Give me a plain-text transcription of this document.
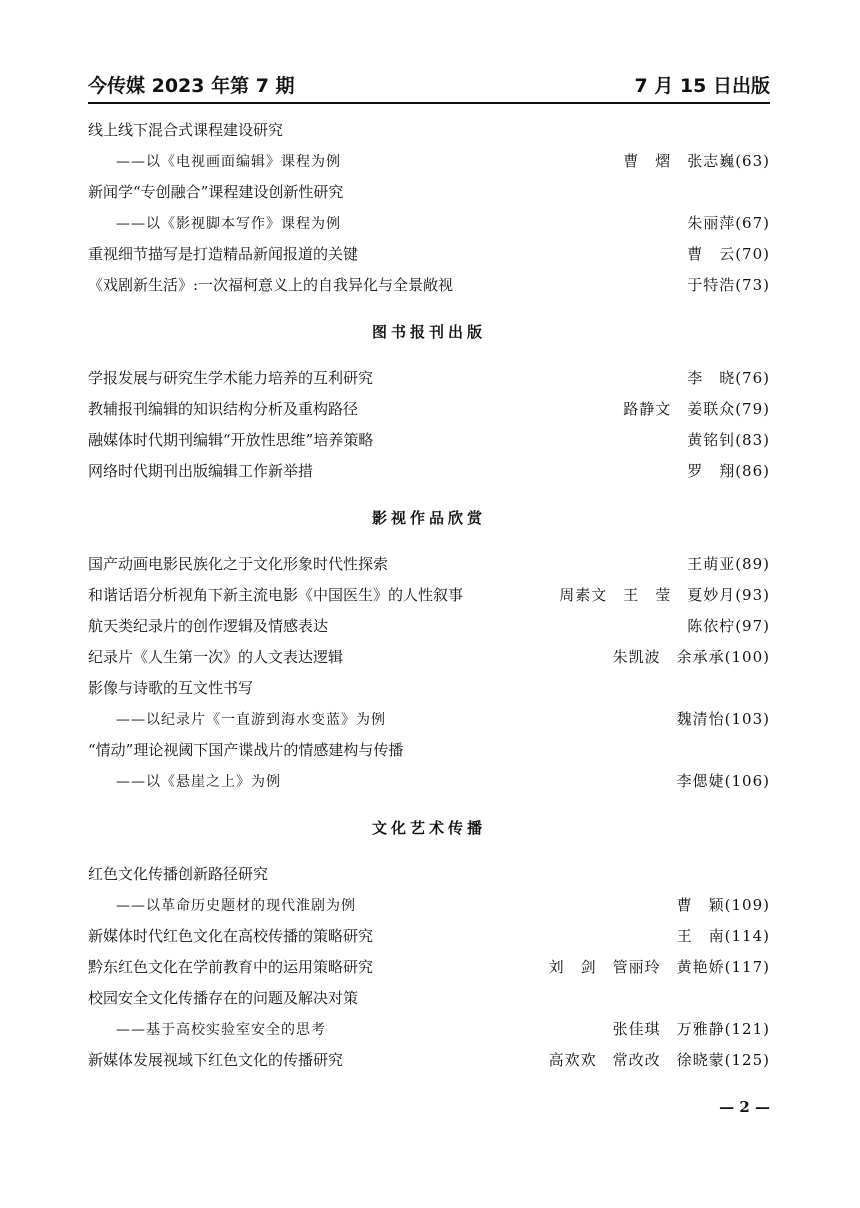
今传媒 2023 年第 7 期	7 月 15 日出版
线上线下混合式课程建设研究
——以《电视画面编辑》课程为例	曹　熠　张志巍(63)
新闻学“专创融合”课程建设创新性研究
——以《影视脚本写作》课程为例	朱丽萍(67)
重视细节描写是打造精品新闻报道的关键	曹　云(70)
《戏剧新生活》:一次福柯意义上的自我异化与全景敞视	于特浩(73)
图书报刊出版
学报发展与研究生学术能力培养的互利研究	李　晓(76)
教辅报刊编辑的知识结构分析及重构路径	路静文　姜联众(79)
融媒体时代期刊编辑“开放性思维”培养策略	黄铭钊(83)
网络时代期刊出版编辑工作新举措	罗　翔(86)
影视作品欣赏
国产动画电影民族化之于文化形象时代性探索	王萌亚(89)
和谐话语分析视角下新主流电影《中国医生》的人性叙事	周素文　王　莹　夏妙月(93)
航天类纪录片的创作逻辑及情感表达	陈依柠(97)
纪录片《人生第一次》的人文表达逻辑	朱凯波　余承承(100)
影像与诗歌的互文性书写
——以纪录片《一直游到海水变蓝》为例	魏清怡(103)
“情动”理论视阈下国产谍战片的情感建构与传播
——以《悬崖之上》为例	李偲婕(106)
文化艺术传播
红色文化传播创新路径研究
——以革命历史题材的现代淮剧为例	曹　颖(109)
新媒体时代红色文化在高校传播的策略研究	王　南(114)
黔东红色文化在学前教育中的运用策略研究	刘　剑　管丽玲　黄艳娇(117)
校园安全文化传播存在的问题及解决对策
——基于高校实验室安全的思考	张佳琪　万雅静(121)
新媒体发展视域下红色文化的传播研究	高欢欢　常改改　徐晓蒙(125)
— 2 —
